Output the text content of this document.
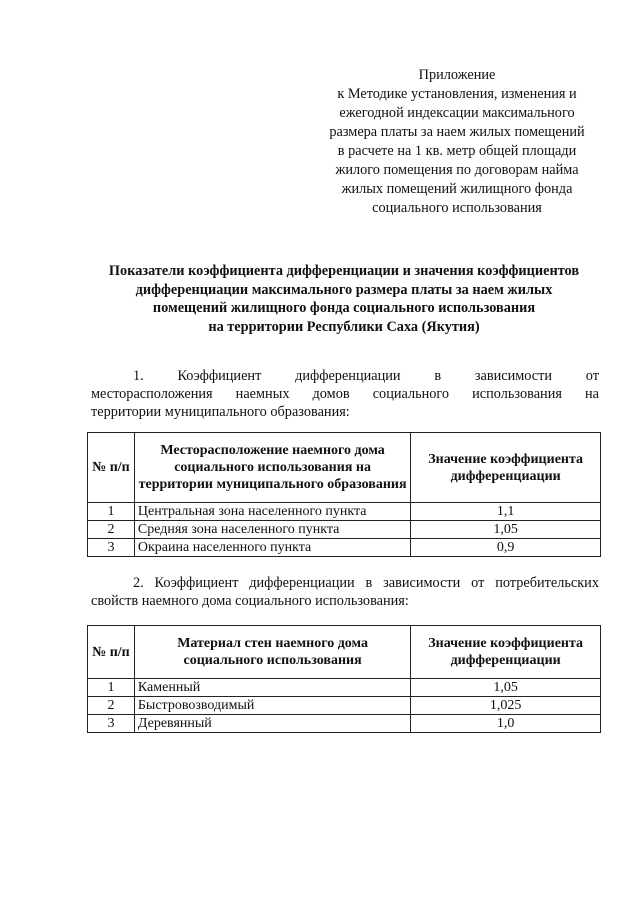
Приложение
к Методике установления, изменения и
ежегодной индексации максимального
размера платы за наем жилых помещений
в расчете на 1 кв. метр общей площади
жилого помещения по договорам найма
жилых помещений жилищного фонда
социального использования
Показатели коэффициента дифференциации и значения коэффициентов
дифференциации максимального размера платы за наем жилых
помещений жилищного фонда социального использования
на территории Республики Саха (Якутия)
1. Коэффициент дифференциации в зависимости от
месторасположения наемных домов социального использования на
территории муниципального образования:
№ п/п	Месторасположение наемного дома социального использования на территории муниципального образования	Значение коэффициента дифференциации
1	Центральная зона населенного пункта	1,1
2	Средняя зона населенного пункта	1,05
3	Окраина населенного пункта	0,9
2. Коэффициент дифференциации в зависимости от потребительских
свойств наемного дома социального использования:
№ п/п	Материал стен наемного дома социального использования	Значение коэффициента дифференциации
1	Каменный	1,05
2	Быстровозводимый	1,025
3	Деревянный	1,0
